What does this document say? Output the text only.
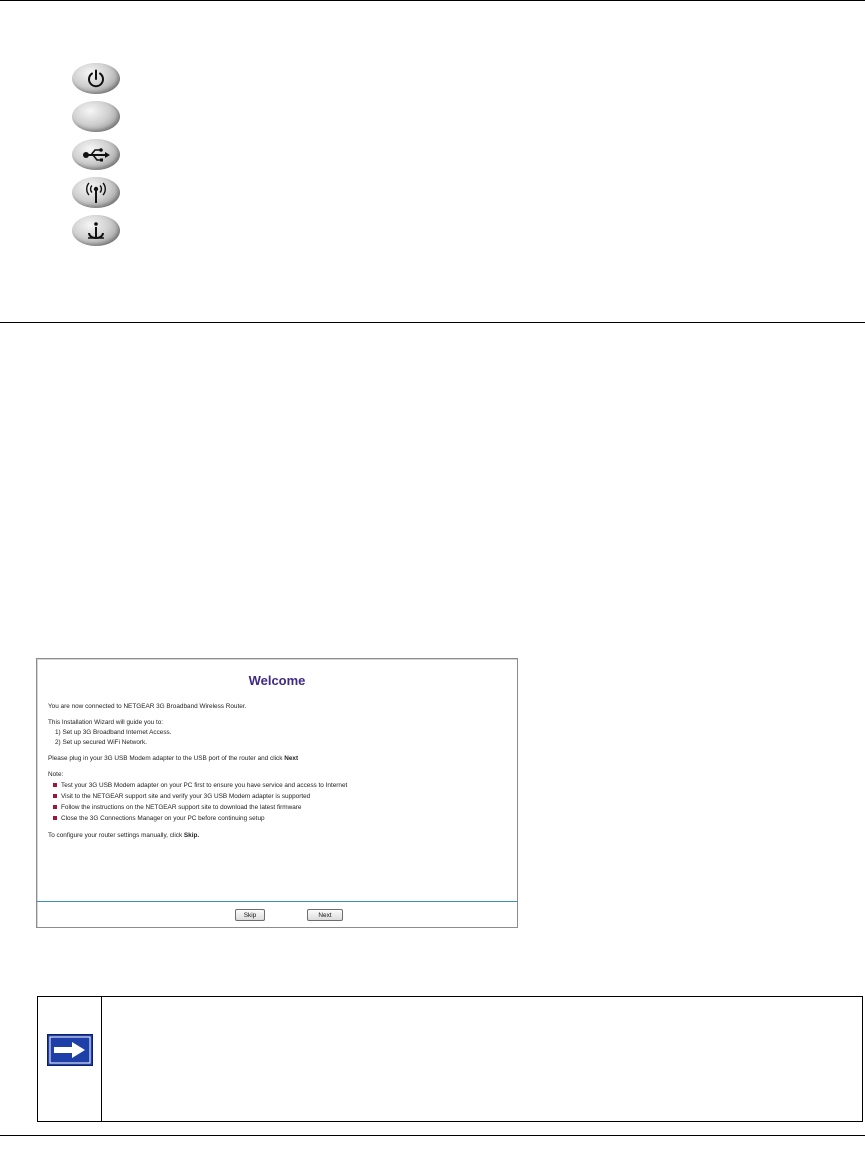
Welcome
You are now connected to NETGEAR 3G Broadband Wireless Router.
This Installation Wizard will guide you to:
1) Set up 3G Broadband Internet Access.
2) Set up secured WiFi Network.
Please plug in your 3G USB Modem adapter to the USB port of the router and click Next
Note:
Test your 3G USB Modem adapter on your PC first to ensure you have service and access to Internet
Visit to the NETGEAR support site and verify your 3G USB Modem adapter is supported
Follow the instructions on the NETGEAR support site to download the latest firmware
Close the 3G Connections Manager on your PC before continuing setup
To configure your router settings manually, click Skip.
Skip	Next
